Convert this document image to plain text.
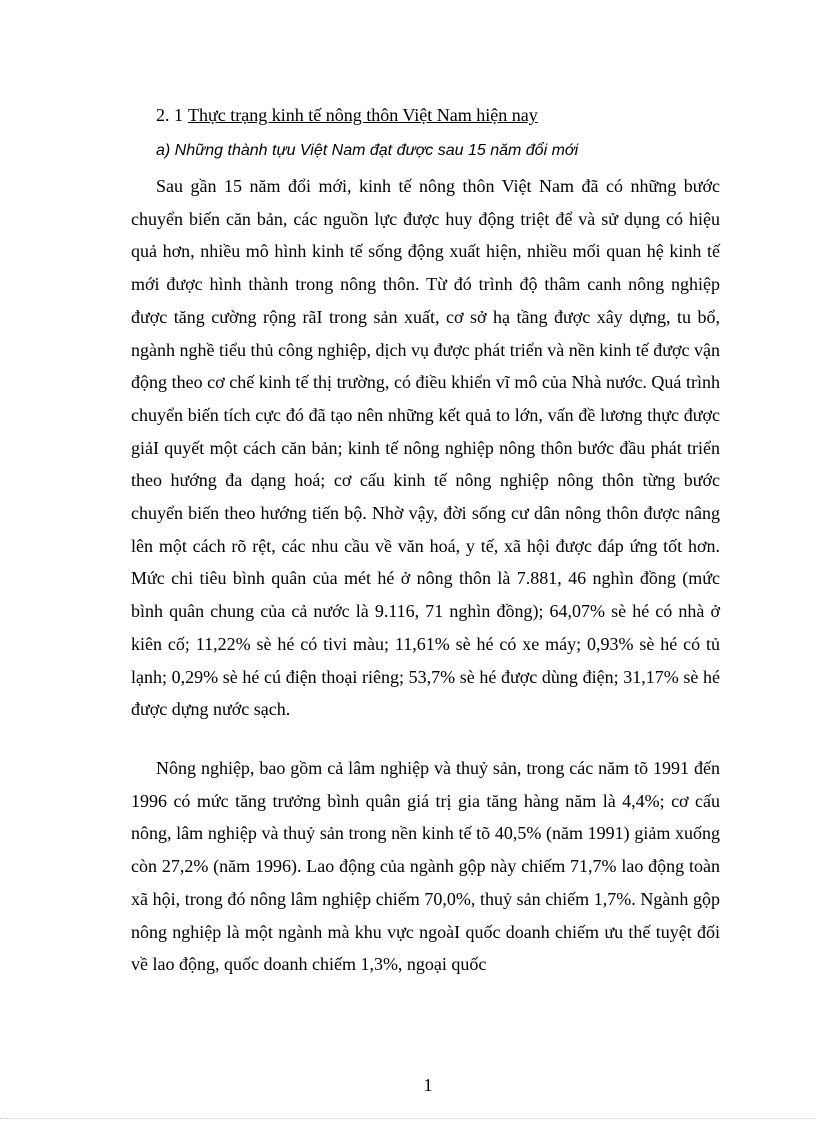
2. 1 Thực trạng kinh tế nông thôn Việt Nam hiện nay
a) Những thành tựu Việt Nam đạt được sau 15 năm đổi mới

Sau gần 15 năm đổi mới, kinh tế nông thôn Việt Nam đã có những bước chuyển biến căn bản, các nguồn lực được huy động triệt để và sử dụng có hiệu quả hơn, nhiều mô hình kinh tế sống động xuất hiện, nhiều mối quan hệ kinh tế mới được hình thành trong nông thôn. Từ đó trình độ thâm canh nông nghiệp được tăng cường rộng rãI trong sản xuất, cơ sở hạ tầng được xây dựng, tu bổ, ngành nghề tiểu thủ công nghiệp, dịch vụ được phát triển và nền kinh tế được vận động theo cơ chế kinh tế thị trường, có điều khiển vĩ mô của Nhà nước. Quá trình chuyển biến tích cực đó đã tạo nên những kết quả to lớn, vấn đề lương thực được giảI quyết một cách căn bản; kinh tế nông nghiệp nông thôn bước đầu phát triển theo hướng đa dạng hoá; cơ cấu kinh tế nông nghiệp nông thôn từng bước chuyển biến theo hướng tiến bộ. Nhờ vậy, đời sống cư dân nông thôn được nâng lên một cách rõ rệt, các nhu cầu về văn hoá, y tế, xã hội được đáp ứng tốt hơn. Mức chi tiêu bình quân của mét hé ở nông thôn là 7.881, 46 nghìn đồng (mức bình quân chung của cả nước là 9.116, 71 nghìn đồng); 64,07% sè hé có nhà ở kiên cố; 11,22% sè hé có tivi màu; 11,61% sè hé có xe máy; 0,93% sè hé có tủ lạnh; 0,29% sè hé cú điện thoại riêng; 53,7% sè hé được dùng điện; 31,17% sè hé được dựng nước sạch.

Nông nghiệp, bao gồm cả lâm nghiệp và thuỷ sản, trong các năm tõ 1991 đến 1996 có mức tăng trưởng bình quân giá trị gia tăng hàng năm là 4,4%; cơ cấu nông, lâm nghiệp và thuỷ sản trong nền kinh tế tõ 40,5% (năm 1991) giảm xuống còn 27,2% (năm 1996). Lao động của ngành gộp này chiếm 71,7% lao động toàn xã hội, trong đó nông lâm nghiệp chiếm 70,0%, thuỷ sản chiếm 1,7%. Ngành gộp nông nghiệp là một ngành mà khu vực ngoàI quốc doanh chiếm ưu thế tuyệt đối về lao động, quốc doanh chiếm 1,3%, ngoại quốc

1
